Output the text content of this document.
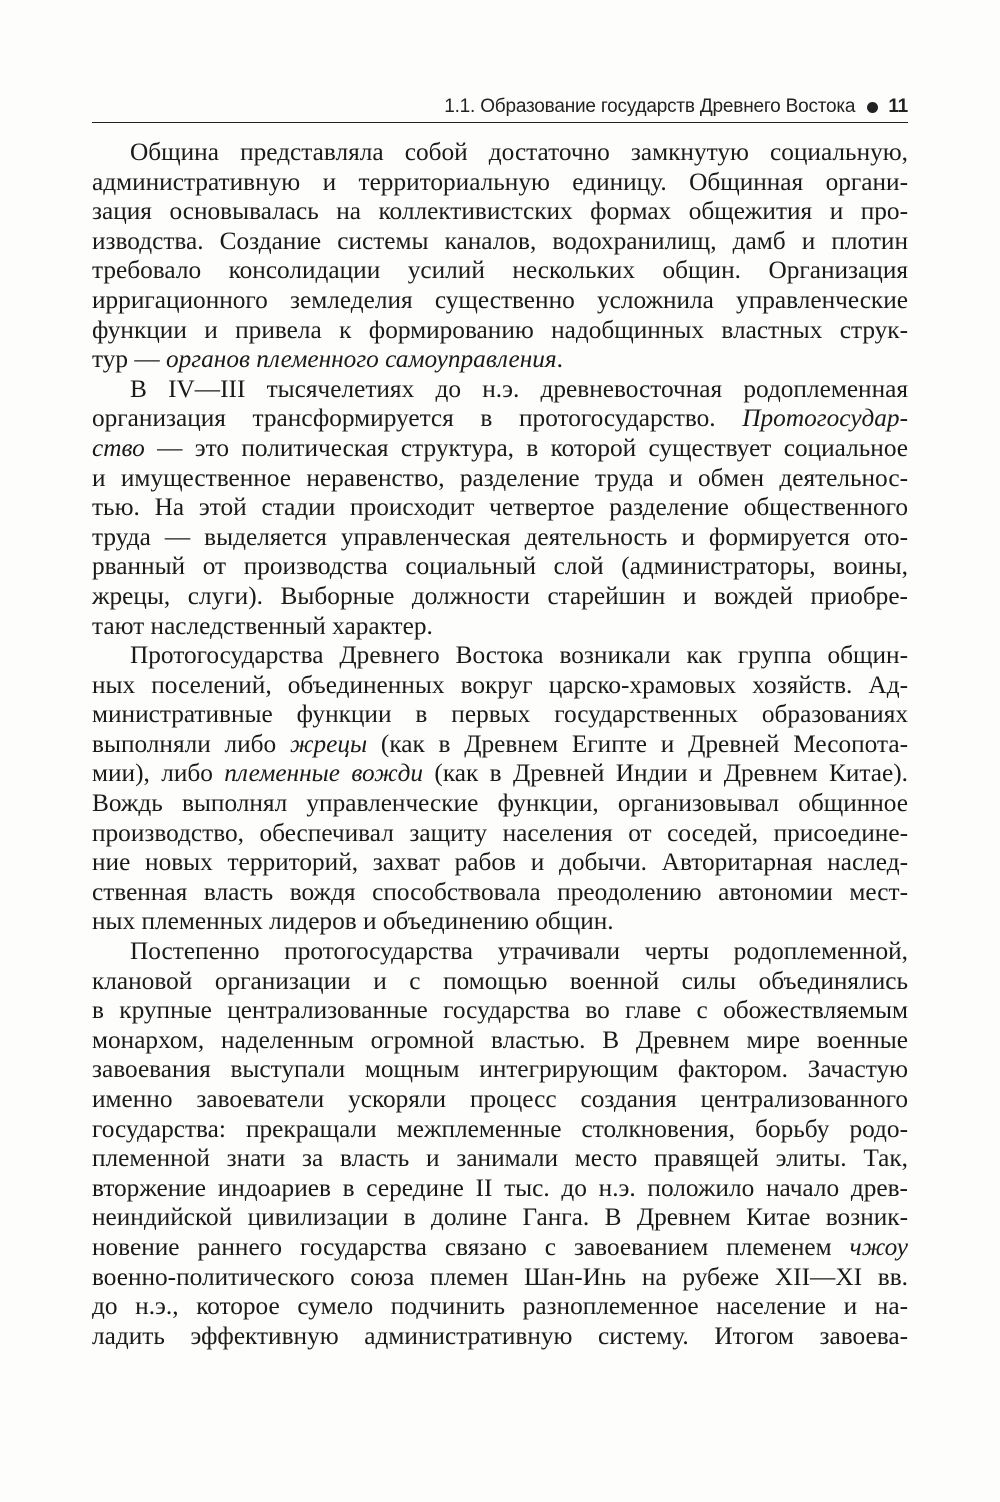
1.1. Образование государств Древнего Востока 11
Община представляла собой достаточно замкнутую социальную,
административную и территориальную единицу. Общинная органи-
зация основывалась на коллективистских формах общежития и про-
изводства. Создание системы каналов, водохранилищ, дамб и плотин
требовало консолидации усилий нескольких общин. Организация
ирригационного земледелия существенно усложнила управленческие
функции и привела к формированию надобщинных властных струк-
тур — органов племенного самоуправления.
В IV—III тысячелетиях до н.э. древневосточная родоплеменная
организация трансформируется в протогосударство. Протогосудар-
ство — это политическая структура, в которой существует социальное
и имущественное неравенство, разделение труда и обмен деятельнос-
тью. На этой стадии происходит четвертое разделение общественного
труда — выделяется управленческая деятельность и формируется ото-
рванный от производства социальный слой (администраторы, воины,
жрецы, слуги). Выборные должности старейшин и вождей приобре-
тают наследственный характер.
Протогосударства Древнего Востока возникали как группа общин-
ных поселений, объединенных вокруг царско-храмовых хозяйств. Ад-
министративные функции в первых государственных образованиях
выполняли либо жрецы (как в Древнем Египте и Древней Месопота-
мии), либо племенные вожди (как в Древней Индии и Древнем Китае).
Вождь выполнял управленческие функции, организовывал общинное
производство, обеспечивал защиту населения от соседей, присоедине-
ние новых территорий, захват рабов и добычи. Авторитарная наслед-
ственная власть вождя способствовала преодолению автономии мест-
ных племенных лидеров и объединению общин.
Постепенно протогосударства утрачивали черты родоплеменной,
клановой организации и с помощью военной силы объединялись
в крупные централизованные государства во главе с обожествляемым
монархом, наделенным огромной властью. В Древнем мире военные
завоевания выступали мощным интегрирующим фактором. Зачастую
именно завоеватели ускоряли процесс создания централизованного
государства: прекращали межплеменные столкновения, борьбу родо-
племенной знати за власть и занимали место правящей элиты. Так,
вторжение индоариев в середине II тыс. до н.э. положило начало древ-
неиндийской цивилизации в долине Ганга. В Древнем Китае возник-
новение раннего государства связано с завоеванием племенем чжоу
военно-политического союза племен Шан-Инь на рубеже XII—XI вв.
до н.э., которое сумело подчинить разноплеменное население и на-
ладить эффективную административную систему. Итогом завоева-
